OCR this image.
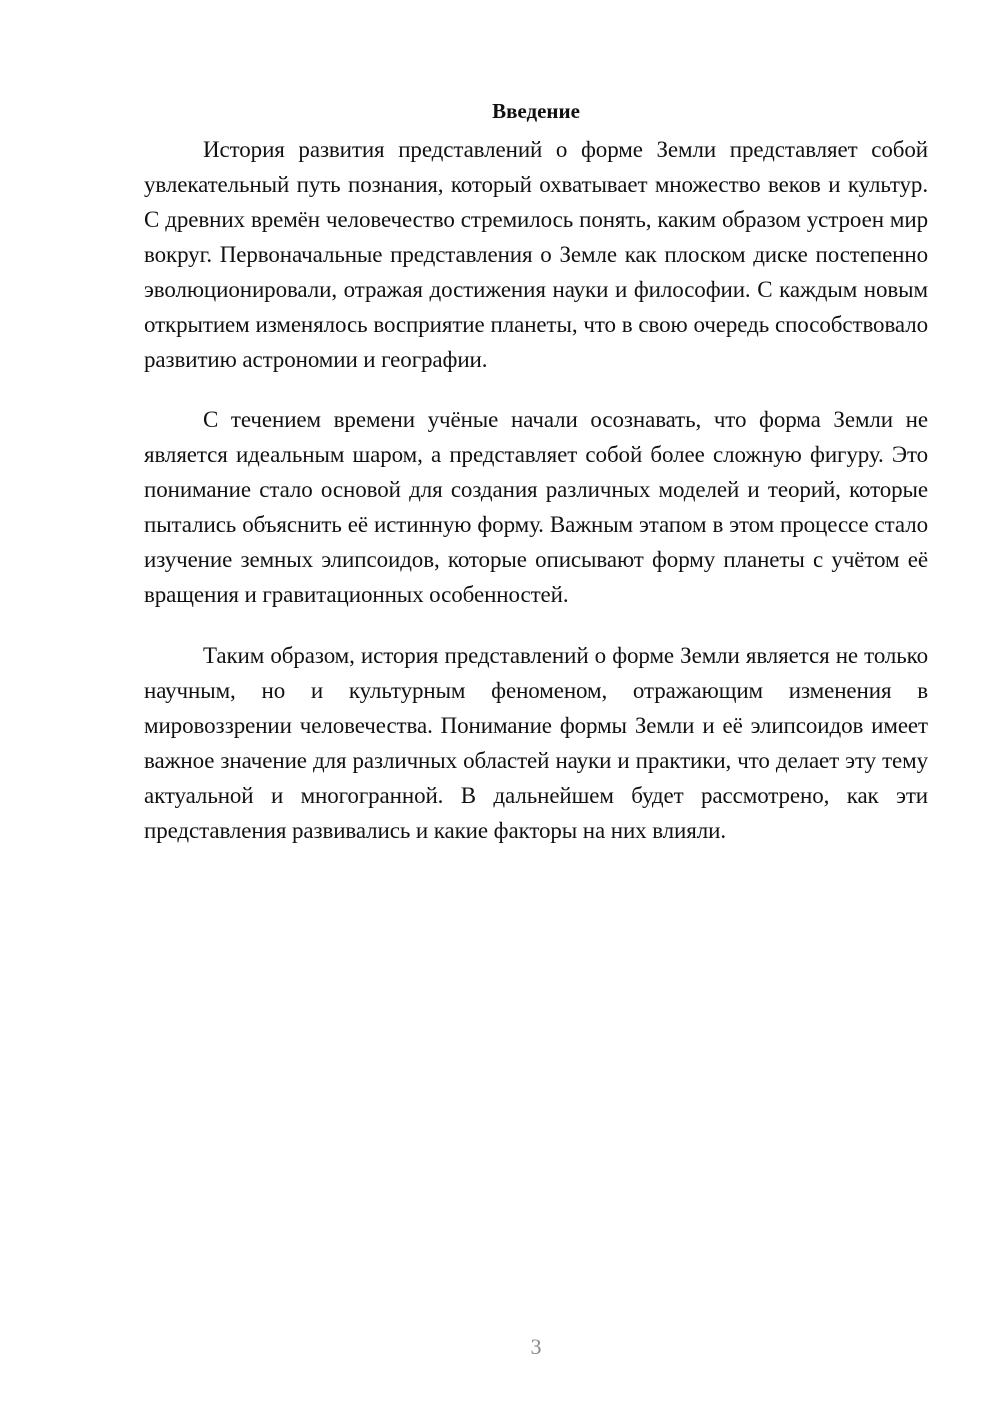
Введение

История развития представлений о форме Земли представляет собой увлекательный путь познания, который охватывает множество веков и культур. С древних времён человечество стремилось понять, каким образом устроен мир вокруг. Первоначальные представления о Земле как плоском диске постепенно эволюционировали, отражая достижения науки и философии. С каждым новым открытием изменялось восприятие планеты, что в свою очередь способствовало развитию астрономии и географии.

С течением времени учёные начали осознавать, что форма Земли не является идеальным шаром, а представляет собой более сложную фигуру. Это понимание стало основой для создания различных моделей и теорий, которые пытались объяснить её истинную форму. Важным этапом в этом процессе стало изучение земных элипсоидов, которые описывают форму планеты с учётом её вращения и гравитационных особенностей.

Таким образом, история представлений о форме Земли является не только научным, но и культурным феноменом, отражающим изменения в мировоззрении человечества. Понимание формы Земли и её элипсоидов имеет важное значение для различных областей науки и практики, что делает эту тему актуальной и многогранной. В дальнейшем будет рассмотрено, как эти представления развивались и какие факторы на них влияли.

3
